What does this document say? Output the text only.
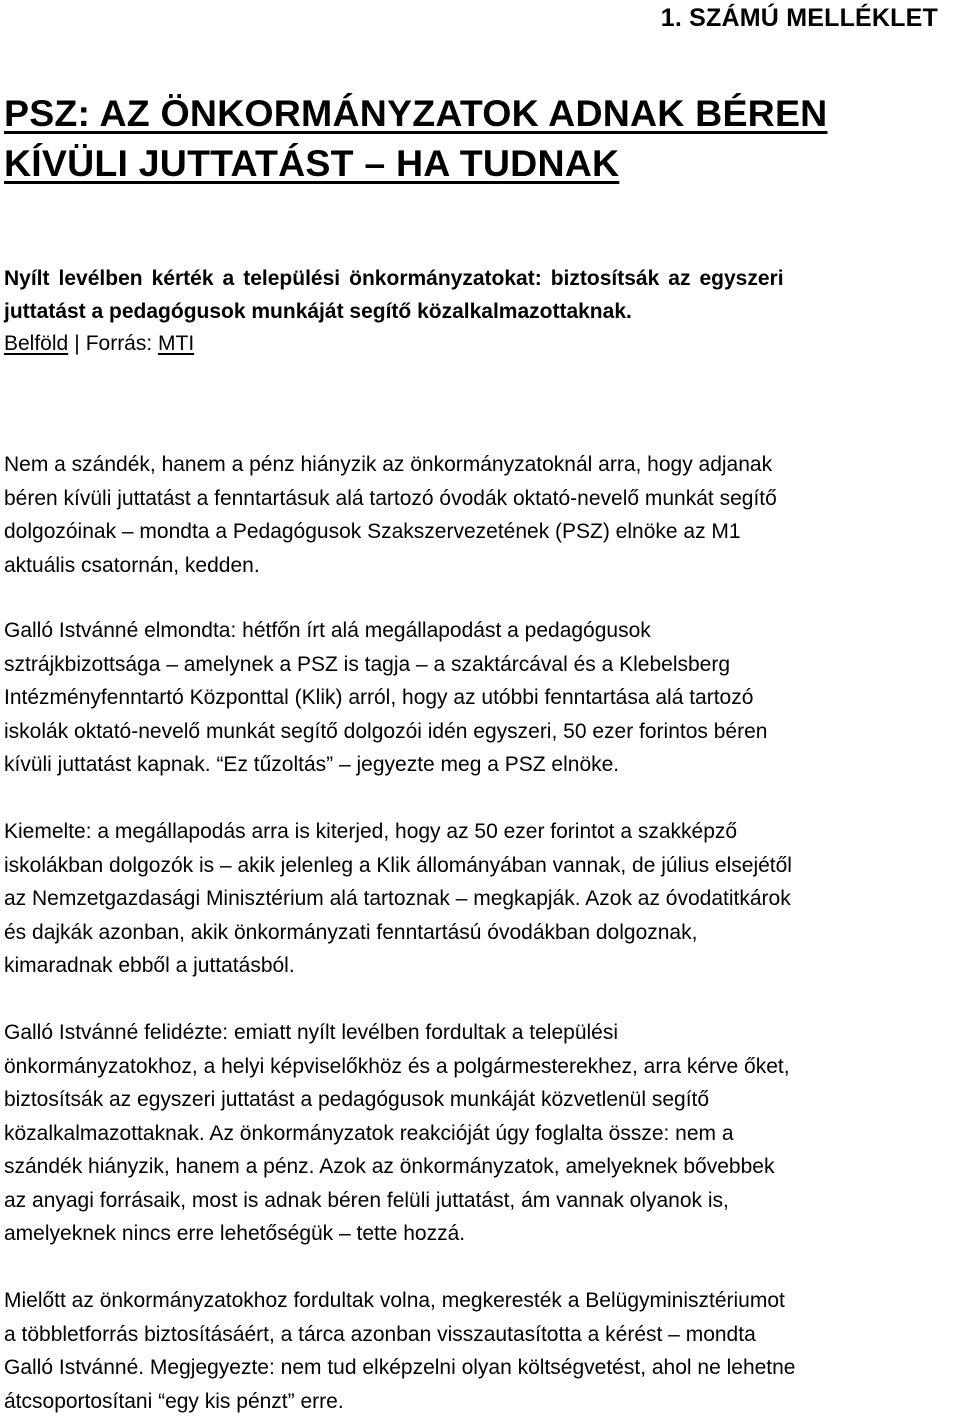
1. SZÁMÚ MELLÉKLET
PSZ: AZ ÖNKORMÁNYZATOK ADNAK BÉREN
KÍVÜLI JUTTATÁST – HA TUDNAK

Nyílt levélben kérték a települési önkormányzatokat: biztosítsák az egyszeri
juttatást a pedagógusok munkáját segítő közalkalmazottaknak.

Belföld | Forrás: MTI

Nem a szándék, hanem a pénz hiányzik az önkormányzatoknál arra, hogy adjanak
béren kívüli juttatást a fenntartásuk alá tartozó óvodák oktató-nevelő munkát segítő
dolgozóinak – mondta a Pedagógusok Szakszervezetének (PSZ) elnöke az M1
aktuális csatornán, kedden.

Galló Istvánné elmondta: hétfőn írt alá megállapodást a pedagógusok
sztrájkbizottsága – amelynek a PSZ is tagja – a szaktárcával és a Klebelsberg
Intézményfenntartó Központtal (Klik) arról, hogy az utóbbi fenntartása alá tartozó
iskolák oktató-nevelő munkát segítő dolgozói idén egyszeri, 50 ezer forintos béren
kívüli juttatást kapnak. “Ez tűzoltás” – jegyezte meg a PSZ elnöke.

Kiemelte: a megállapodás arra is kiterjed, hogy az 50 ezer forintot a szakképző
iskolákban dolgozók is – akik jelenleg a Klik állományában vannak, de július elsejétől
az Nemzetgazdasági Minisztérium alá tartoznak – megkapják. Azok az óvodatitkárok
és dajkák azonban, akik önkormányzati fenntartású óvodákban dolgoznak,
kimaradnak ebből a juttatásból.

Galló Istvánné felidézte: emiatt nyílt levélben fordultak a települési
önkormányzatokhoz, a helyi képviselőkhöz és a polgármesterekhez, arra kérve őket,
biztosítsák az egyszeri juttatást a pedagógusok munkáját közvetlenül segítő
közalkalmazottaknak. Az önkormányzatok reakcióját úgy foglalta össze: nem a
szándék hiányzik, hanem a pénz. Azok az önkormányzatok, amelyeknek bővebbek
az anyagi forrásaik, most is adnak béren felüli juttatást, ám vannak olyanok is,
amelyeknek nincs erre lehetőségük – tette hozzá.

Mielőtt az önkormányzatokhoz fordultak volna, megkeresték a Belügyminisztériumot
a többletforrás biztosításáért, a tárca azonban visszautasította a kérést – mondta
Galló Istvánné. Megjegyezte: nem tud elképzelni olyan költségvetést, ahol ne lehetne
átcsoportosítani “egy kis pénzt” erre.
